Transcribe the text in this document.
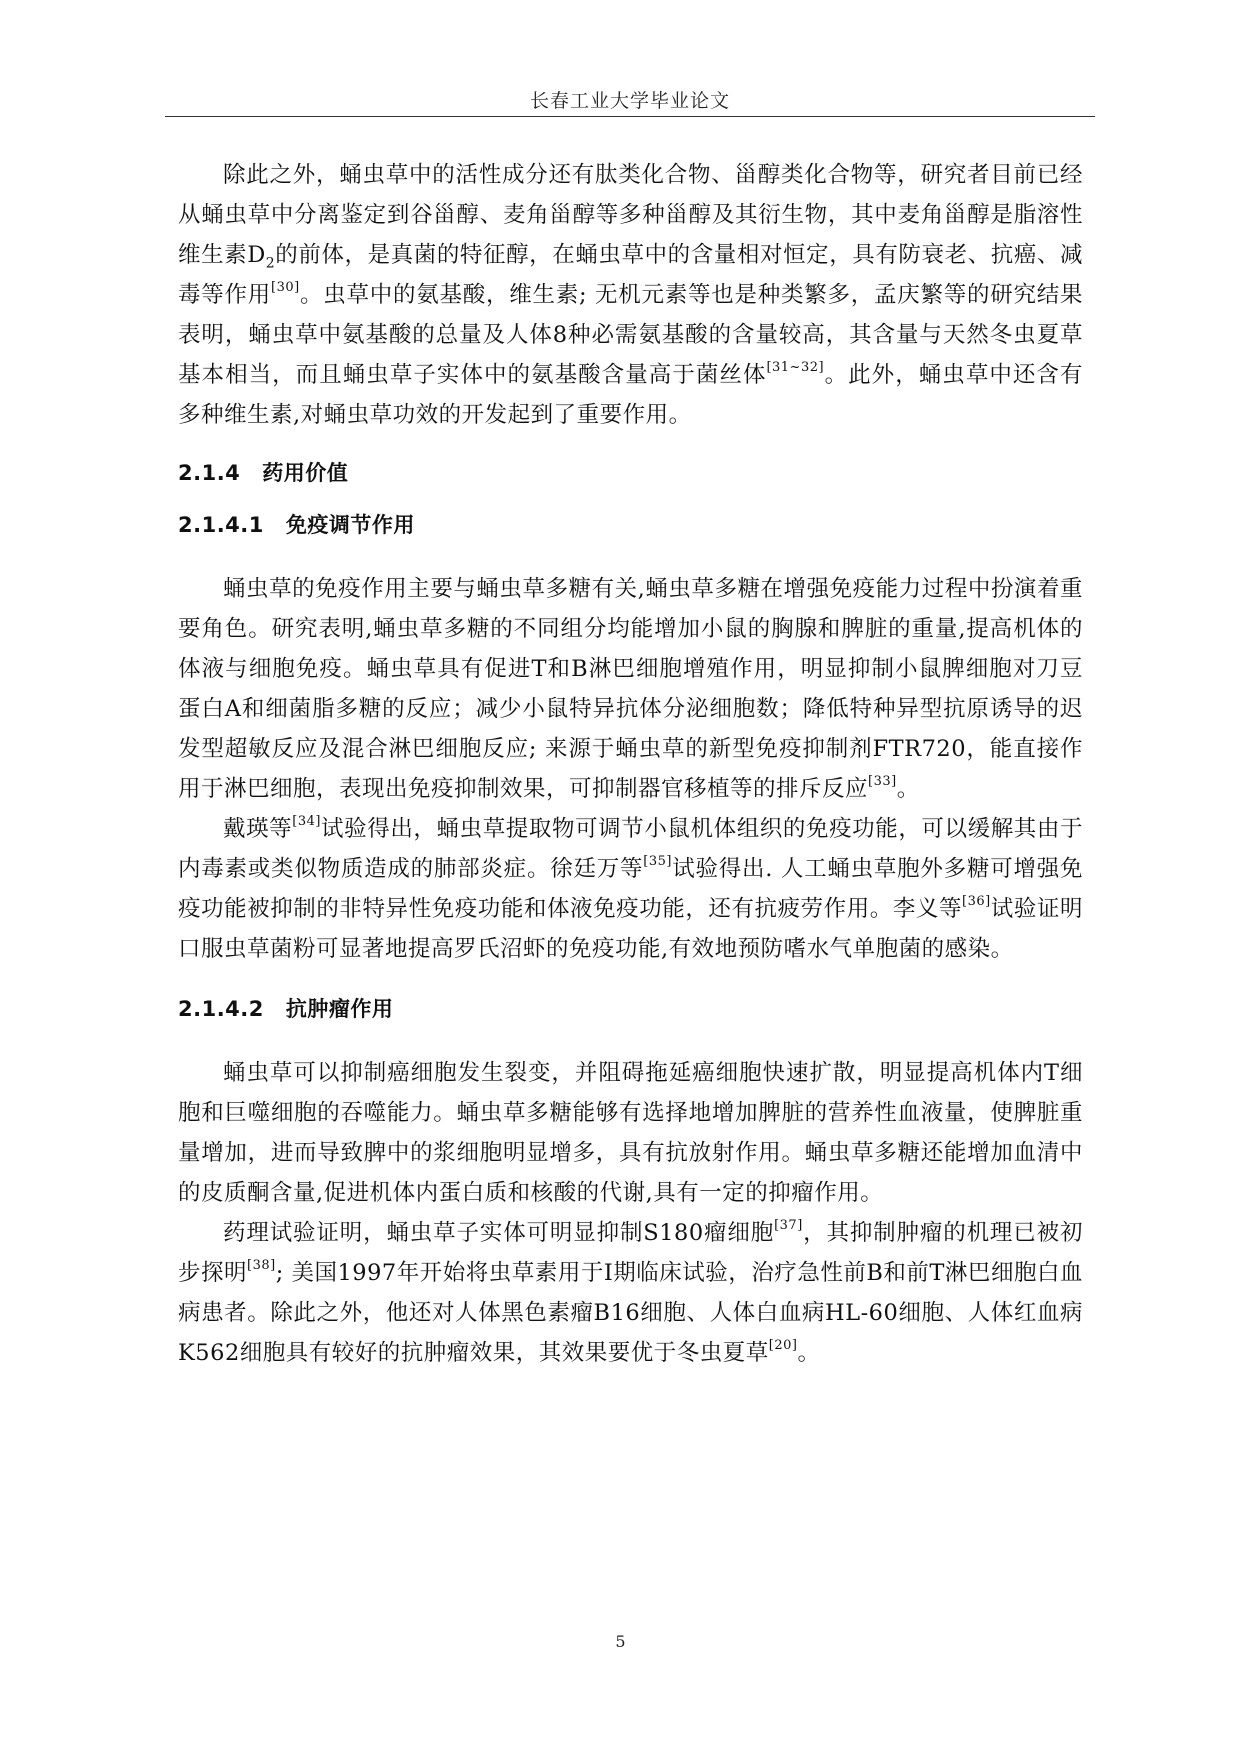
长春工业大学毕业论文

除此之外，蛹虫草中的活性成分还有肽类化合物、甾醇类化合物等，研究者目前已经从蛹虫草中分离鉴定到谷甾醇、麦角甾醇等多种甾醇及其衍生物，其中麦角甾醇是脂溶性维生素$D_2$的前体，是真菌的特征醇，在蛹虫草中的含量相对恒定，具有防衰老、抗癌、减毒等作用[30]。虫草中的氨基酸，维生素; 无机元素等也是种类繁多，孟庆繁等的研究结果表明，蛹虫草中氨基酸的总量及人体8种必需氨基酸的含量较高，其含量与天然冬虫夏草基本相当，而且蛹虫草子实体中的氨基酸含量高于菌丝体[31~32]。此外，蛹虫草中还含有多种维生素,对蛹虫草功效的开发起到了重要作用。

2.1.4 药用价值
2.1.4.1 免疫调节作用

蛹虫草的免疫作用主要与蛹虫草多糖有关,蛹虫草多糖在增强免疫能力过程中扮演着重要角色。研究表明,蛹虫草多糖的不同组分均能增加小鼠的胸腺和脾脏的重量,提高机体的体液与细胞免疫。蛹虫草具有促进T和B淋巴细胞增殖作用，明显抑制小鼠脾细胞对刀豆蛋白A和细菌脂多糖的反应；减少小鼠特异抗体分泌细胞数；降低特种异型抗原诱导的迟发型超敏反应及混合淋巴细胞反应; 来源于蛹虫草的新型免疫抑制剂FTR720，能直接作用于淋巴细胞，表现出免疫抑制效果，可抑制器官移植等的排斥反应[33]。

戴瑛等[34]试验得出，蛹虫草提取物可调节小鼠机体组织的免疫功能，可以缓解其由于内毒素或类似物质造成的肺部炎症。徐廷万等[35]试验得出. 人工蛹虫草胞外多糖可增强免疫功能被抑制的非特异性免疫功能和体液免疫功能，还有抗疲劳作用。李义等[36]试验证明口服虫草菌粉可显著地提高罗氏沼虾的免疫功能,有效地预防嗜水气单胞菌的感染。

2.1.4.2 抗肿瘤作用

蛹虫草可以抑制癌细胞发生裂变，并阻碍拖延癌细胞快速扩散，明显提高机体内T细胞和巨噬细胞的吞噬能力。蛹虫草多糖能够有选择地增加脾脏的营养性血液量，使脾脏重量增加，进而导致脾中的浆细胞明显增多，具有抗放射作用。蛹虫草多糖还能增加血清中的皮质酮含量,促进机体内蛋白质和核酸的代谢,具有一定的抑瘤作用。

药理试验证明，蛹虫草子实体可明显抑制S180瘤细胞[37]，其抑制肿瘤的机理已被初步探明[38]; 美国1997年开始将虫草素用于I期临床试验，治疗急性前B和前T淋巴细胞白血病患者。除此之外，他还对人体黑色素瘤B16细胞、人体白血病HL-60细胞、人体红血病K562细胞具有较好的抗肿瘤效果，其效果要优于冬虫夏草[20]。

5
